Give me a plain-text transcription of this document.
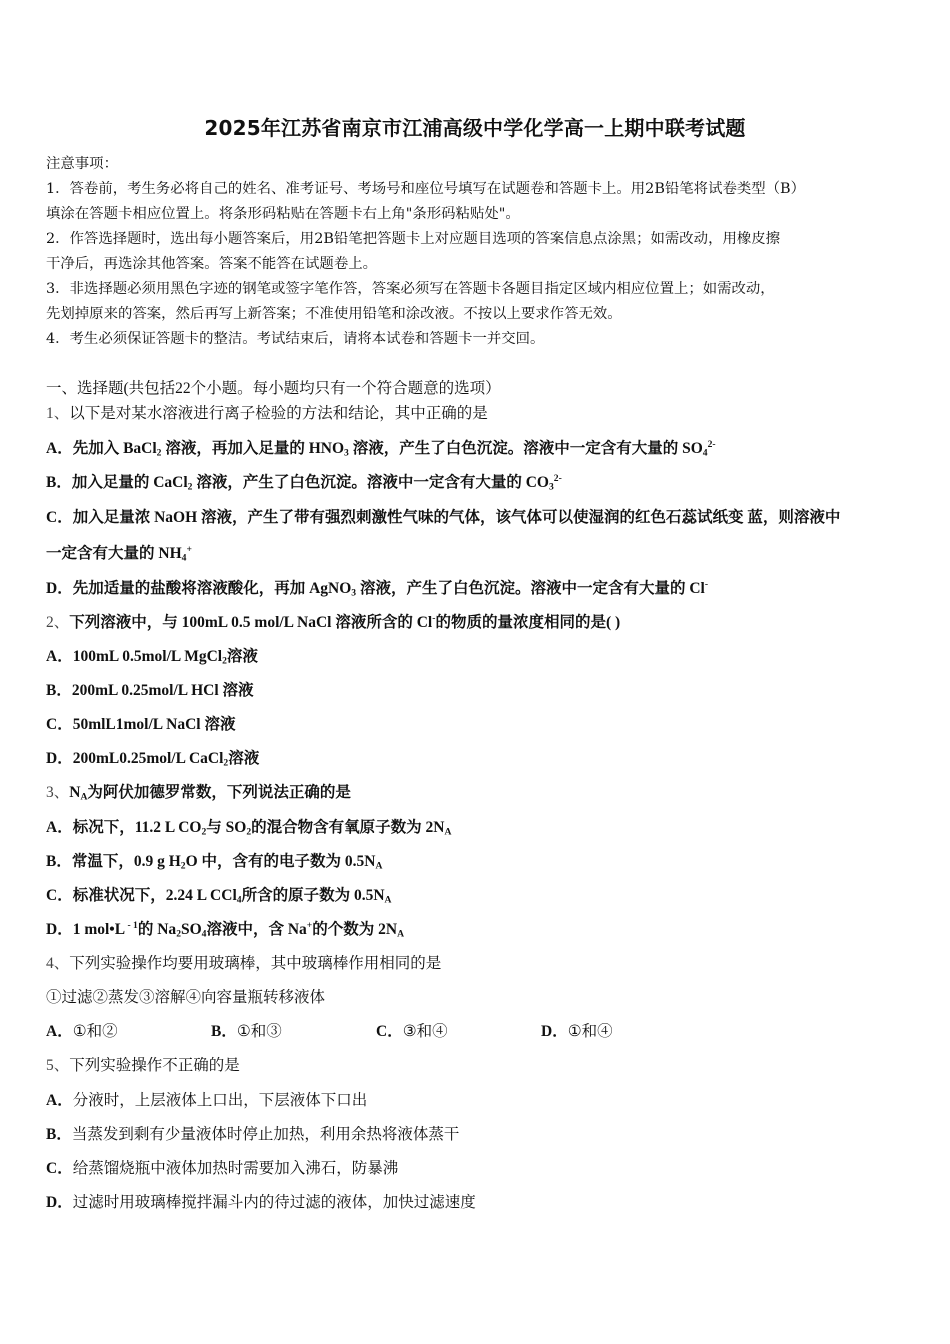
2025年江苏省南京市江浦高级中学化学高一上期中联考试题
注意事项：
1．答卷前，考生务必将自己的姓名、准考证号、考场号和座位号填写在试题卷和答题卡上。用2B铅笔将试卷类型（B）
填涂在答题卡相应位置上。将条形码粘贴在答题卡右上角"条形码粘贴处"。
2．作答选择题时，选出每小题答案后，用2B铅笔把答题卡上对应题目选项的答案信息点涂黑；如需改动，用橡皮擦
干净后，再选涂其他答案。答案不能答在试题卷上。
3．非选择题必须用黑色字迹的钢笔或签字笔作答，答案必须写在答题卡各题目指定区域内相应位置上；如需改动，
先划掉原来的答案，然后再写上新答案；不准使用铅笔和涂改液。不按以上要求作答无效。
4．考生必须保证答题卡的整洁。考试结束后，请将本试卷和答题卡一并交回。
一、选择题(共包括22个小题。每小题均只有一个符合题意的选项）
1、以下是对某水溶液进行离子检验的方法和结论，其中正确的是
A．先加入 BaCl$_2$ 溶液，再加入足量的 $HNO_3$ 溶液，产生了白色沉淀。溶液中一定含有大量的 $SO_4^{2-}$
B．加入足量的 CaCl$_2$ 溶液，产生了白色沉淀。溶液中一定含有大量的 $CO_3^{2-}$
C．加入足量浓 NaOH 溶液，产生了带有强烈刺激性气味的气体，该气体可以使湿润的红色石蕊试纸变 蓝，则溶液中
一定含有大量的 $NH_4^+$
D．先加适量的盐酸将溶液酸化，再加 AgNO$_3$ 溶液，产生了白色沉淀。溶液中一定含有大量的 Cl-
2、下列溶液中，与 100mL 0.5 mol/L NaCl 溶液所含的 Cl-的物质的量浓度相同的是( )
A．100mL 0.5mol/L MgCl$_2$溶液
B．200mL 0.25mol/L HCl 溶液
C．50mlL1mol/L NaCl 溶液
D．200mL0.25mol/L CaCl$_2$溶液
3、$N_A$为阿伏加德罗常数，下列说法正确的是
A．标况下，11.2 L $CO_2$与 $SO_2$的混合物含有氧原子数为 $2N_A$
B．常温下，0.9 g $H_2O$ 中，含有的电子数为 $0.5N_A$
C．标准状况下，2.24 L CCl$_4$所含的原子数为 $0.5N_A$
D．1 mol•L $^{- 1}$的 $Na_2SO_4$溶液中，含 Na+的个数为 $2N_A$
4、下列实验操作均要用玻璃棒，其中玻璃棒作用相同的是
①过滤②蒸发③溶解④向容量瓶转移液体
A．①和②	B．①和③	C．③和④	D．①和④
5、下列实验操作不正确的是
A．分液时，上层液体上口出，下层液体下口出
B．当蒸发到剩有少量液体时停止加热，利用余热将液体蒸干
C．给蒸馏烧瓶中液体加热时需要加入沸石，防暴沸
D．过滤时用玻璃棒搅拌漏斗内的待过滤的液体，加快过滤速度
